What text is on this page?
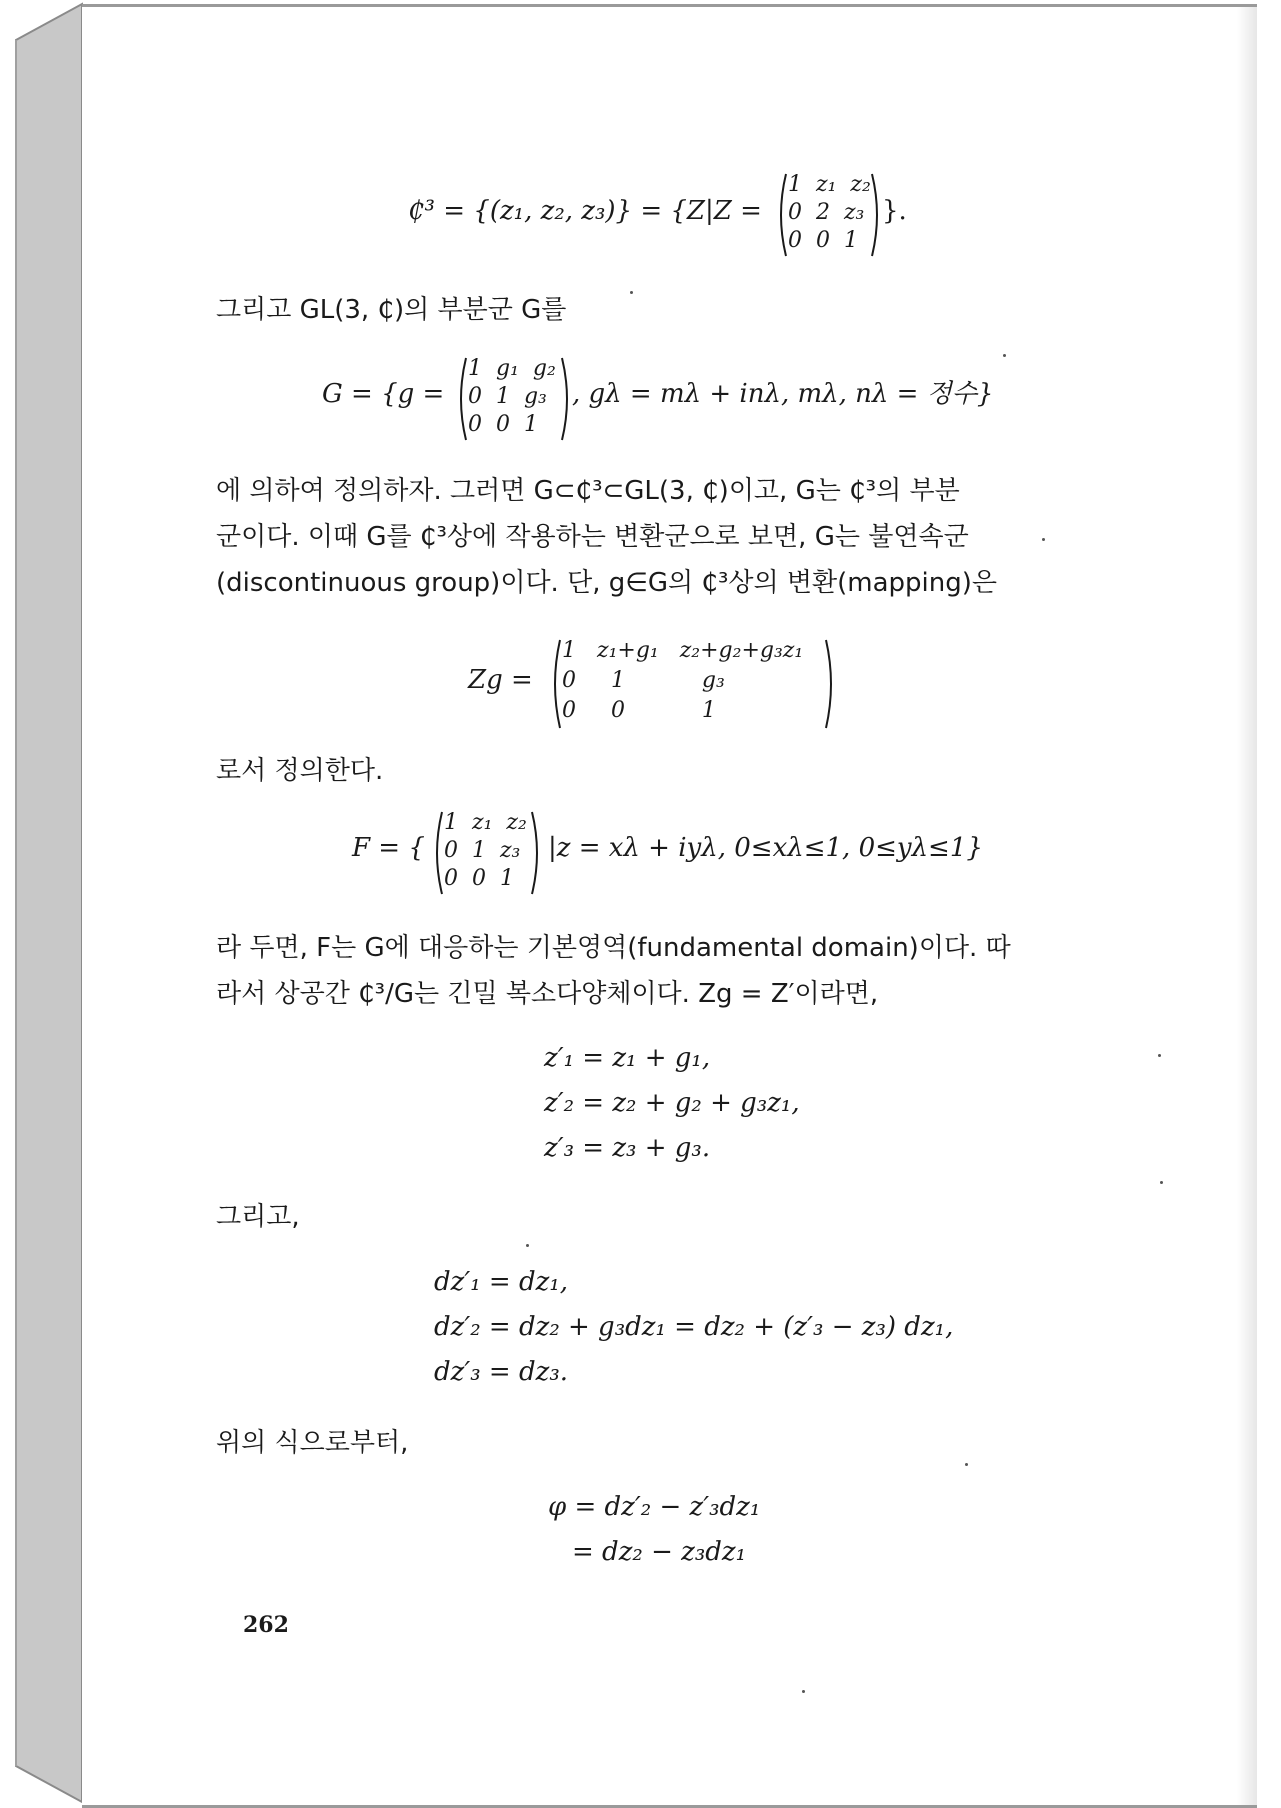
₵³ = {(z₁, z₂, z₃)} = {Z|Z =
1  z₁  z₂
0  2  z₃
0  0  1
}.
그리고 GL(3, ₵)의 부분군 G를
G = {g =
1  g₁  g₂
0  1  g₃
0  0  1
, gλ = mλ + inλ, mλ, nλ = 정수}
에 의하여 정의하자. 그러면 G⊂₵³⊂GL(3, ₵)이고, G는 ₵³의 부분
군이다. 이때 G를 ₵³상에 작용하는 변환군으로 보면, G는 불연속군
(discontinuous group)이다. 단, g∈G의 ₵³상의 변환(mapping)은
Zg =
1   z₁+g₁   z₂+g₂+g₃z₁
0     1           g₃
0     0           1
로서 정의한다.
F = {
1  z₁  z₂
0  1  z₃
0  0  1
|z = xλ + iyλ, 0≤xλ≤1, 0≤yλ≤1}
라 두면, F는 G에 대응하는 기본영역(fundamental domain)이다. 따
라서 상공간 ₵³/G는 긴밀 복소다양체이다. Zg = Z′이라면,
z′₁ = z₁ + g₁,
z′₂ = z₂ + g₂ + g₃z₁,
z′₃ = z₃ + g₃.
그리고,
dz′₁ = dz₁,
dz′₂ = dz₂ + g₃dz₁ = dz₂ + (z′₃ − z₃) dz₁,
dz′₃ = dz₃.
위의 식으로부터,
φ = dz′₂ − z′₃dz₁
= dz₂ − z₃dz₁
262
